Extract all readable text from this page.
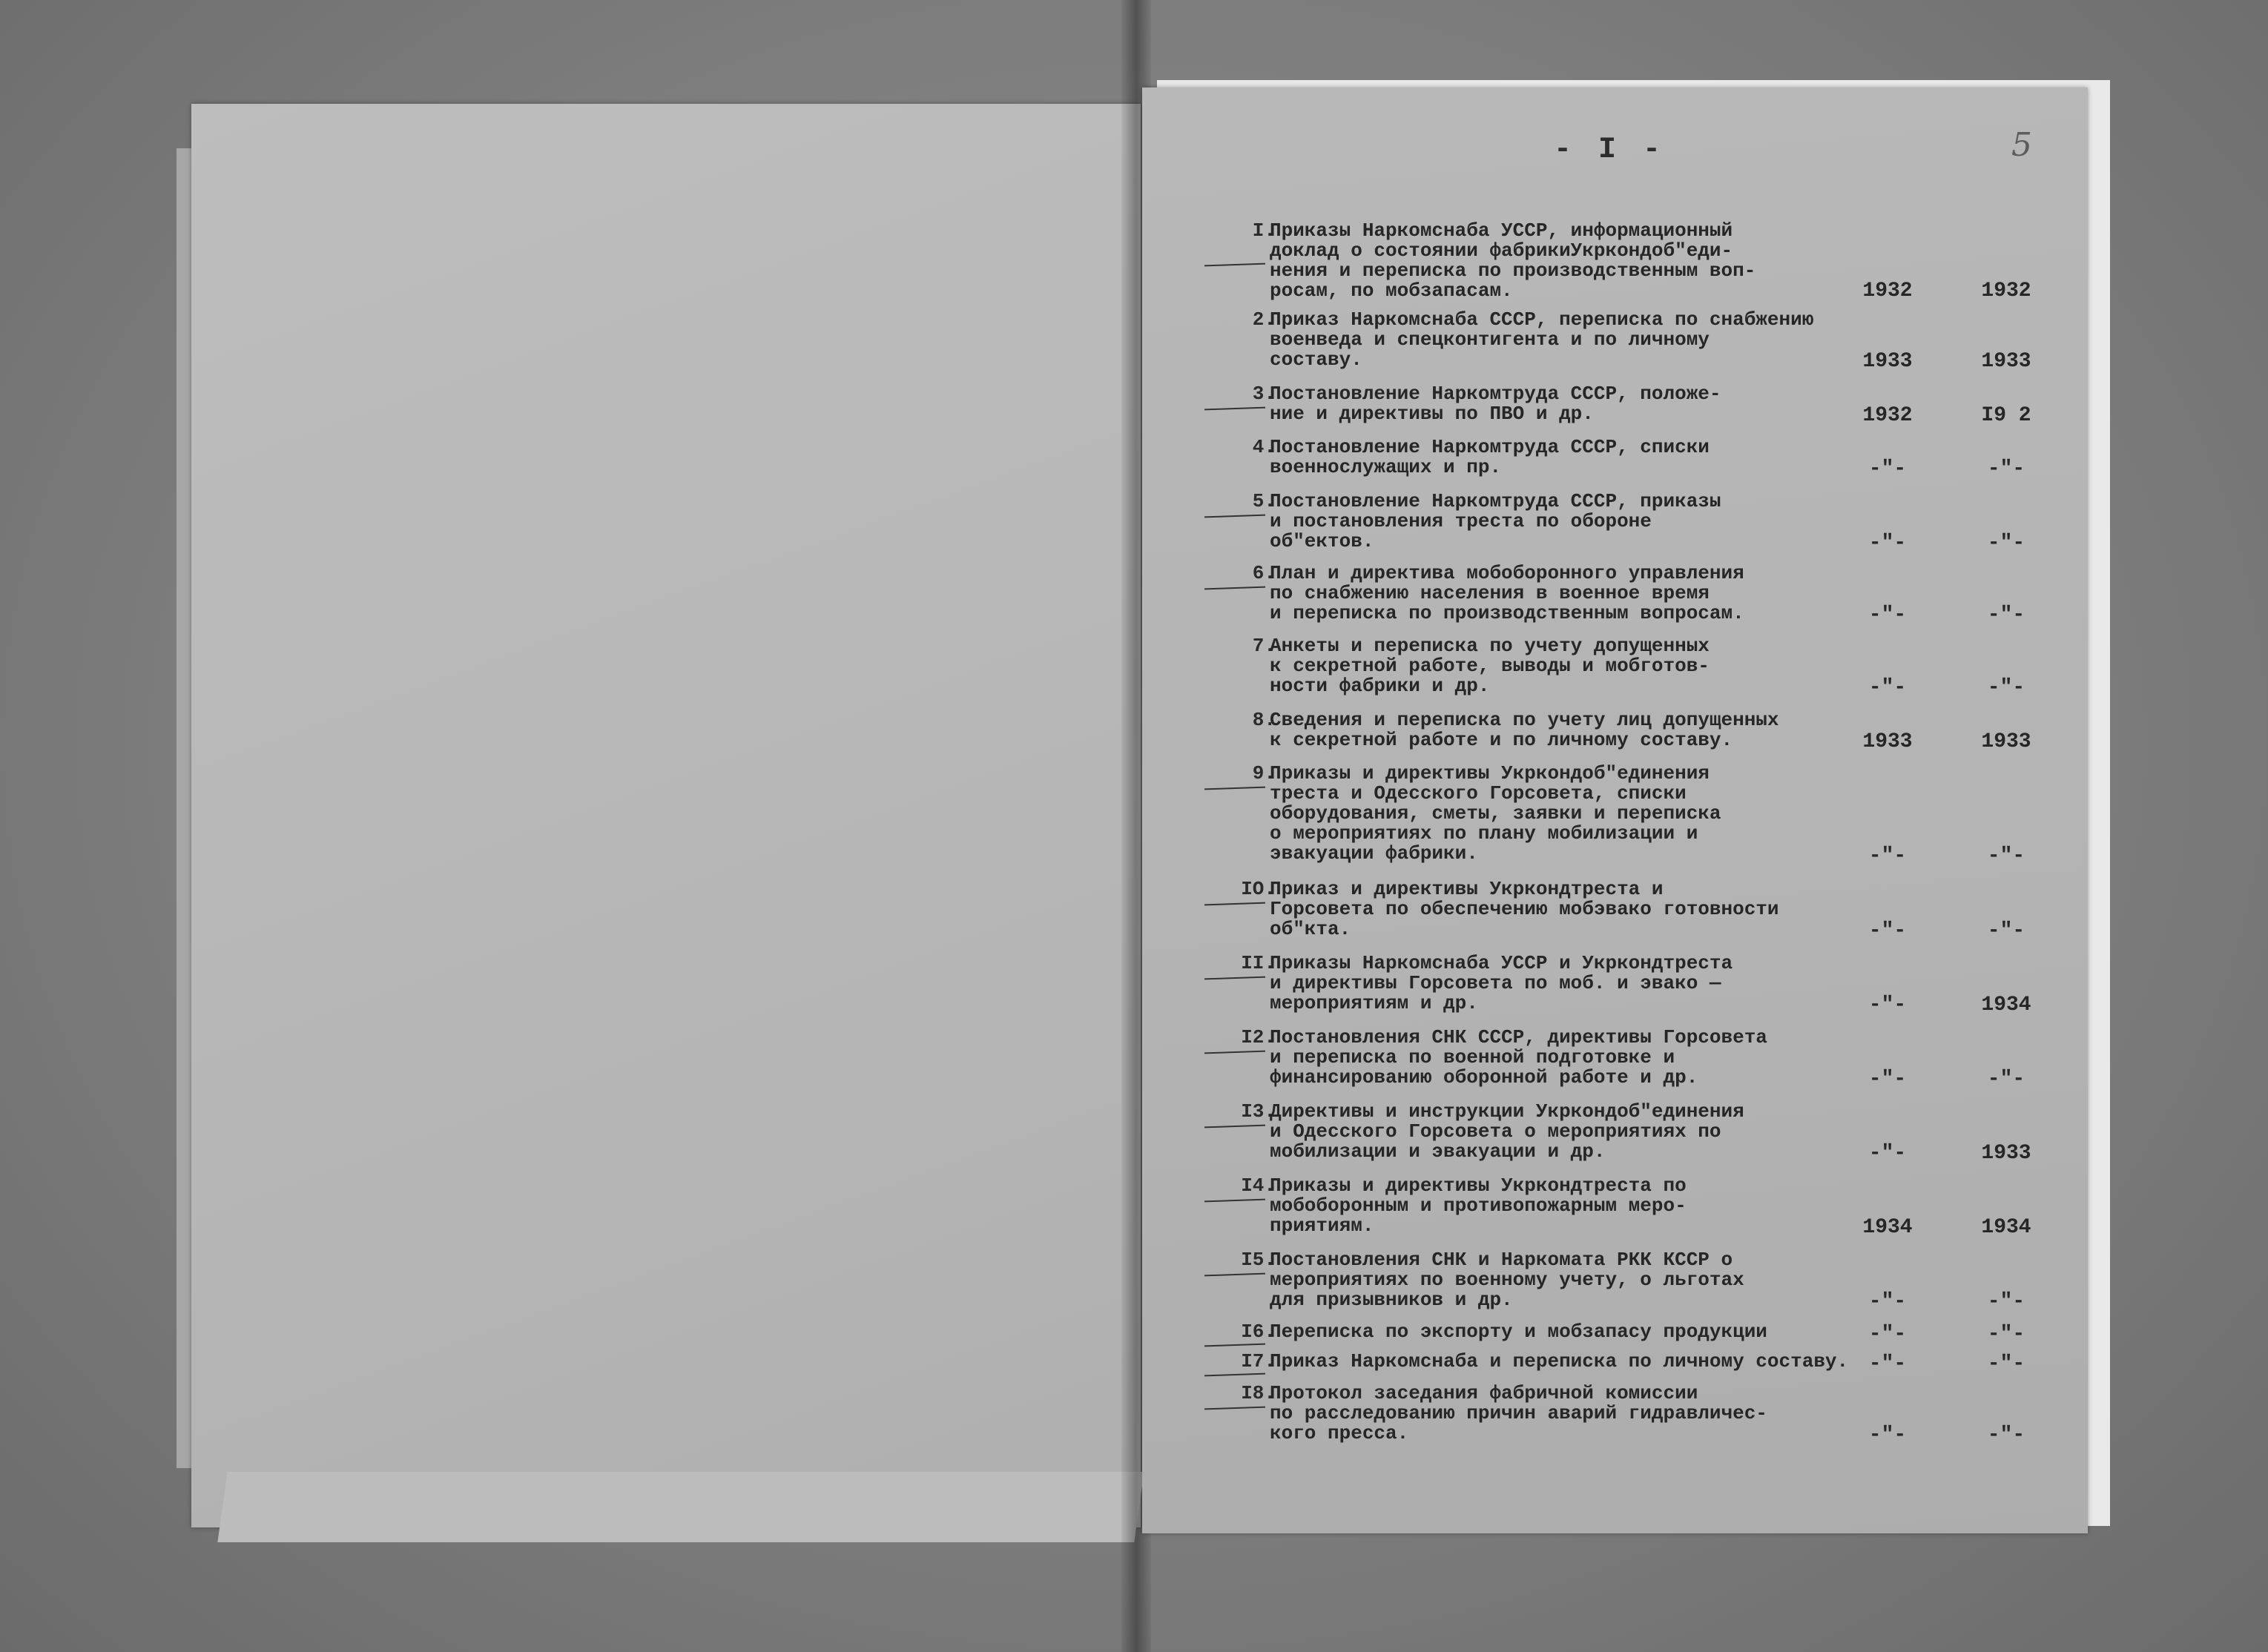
- I -	5
I.
Приказы Наркомснаба УССР, информационный
доклад о состоянии фабрикиУкркондоб"еди-
нения и переписка по производственным воп-
росам, по мобзапасам.	1932	1932
2.
Приказ Наркомснаба СССР, переписка по снабжению
военведа и спецконтигента и по личному
составу.	1933	1933
3.
Постановление Наркомтруда СССР, положе-
ние и директивы по ПВО и др.	1932	I9 2
4.
Постановление Наркомтруда СССР, списки
военнослужащих и пр.	-"-	-"-
5.
Постановление Наркомтруда СССР, приказы
и постановления треста по обороне
об"ектов.	-"-	-"-
6.
План и директива мобоборонного управления
по снабжению населения в военное время
и переписка по производственным вопросам.	-"-	-"-
7.
Анкеты и переписка по учету допущенных
к секретной работе, выводы и мобготов-
ности фабрики и др.	-"-	-"-
8.
Сведения и переписка по учету лиц допущенных
к секретной работе и по личному составу.	1933	1933
9.
Приказы и директивы Укркондоб"единения
треста и Одесского Горсовета, списки
оборудования, сметы, заявки и переписка
о мероприятиях по плану мобилизации и
эвакуации фабрики.	-"-	-"-
IO.
Приказ и директивы Укркондтреста и
Горсовета по обеспечению мобэвако готовности
об"кта.	-"-	-"-
II.
Приказы Наркомснаба УССР и Укркондтреста
и директивы Горсовета по моб. и эвако —
мероприятиям и др.	-"-	1934
I2.
Постановления СНК СССР, директивы Горсовета
и переписка по военной подготовке и
финансированию оборонной работе и др.	-"-	-"-
I3.
Директивы и инструкции Укркондоб"единения
и Одесского Горсовета о мероприятиях по
мобилизации и эвакуации и др.	-"-	1933
I4.
Приказы и директивы Укркондтреста по
мобоборонным и противопожарным меро-
приятиям.	1934	1934
I5.
Постановления СНК и Наркомата РКК КССР о
мероприятиях по военному учету, о льготах
для призывников и др.	-"-	-"-
I6.
Переписка по экспорту и мобзапасу продукции	-"-	-"-
I7.
Приказ Наркомснаба и переписка по личному составу. -"-	-"-
I8.
Протокол заседания фабричной комиссии
по расследованию причин аварий гидравличес-
кого пресса.	-"-	-"-
